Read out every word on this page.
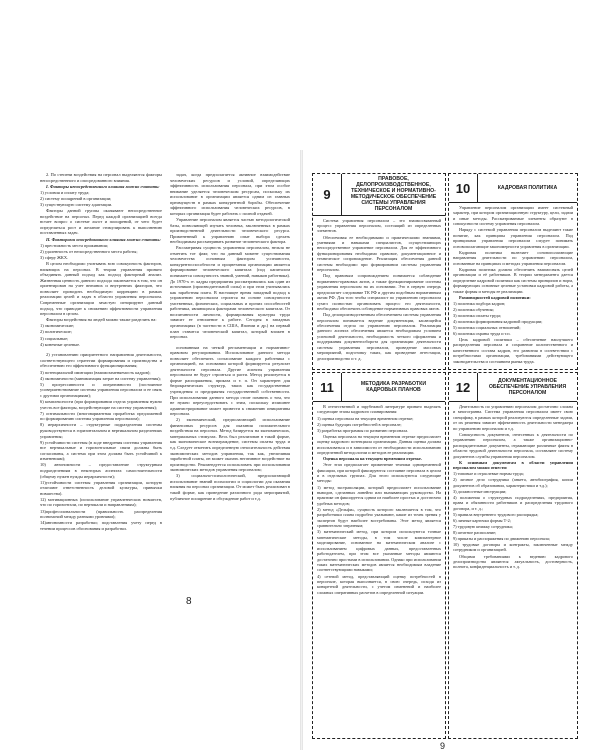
2. По степени воздействия на персонал выделяются факторы непосредственного и опосредованного влияния.

I. Факторы непосредственного влияния можно считать:

1) условия и оплату труда;

2) систему поощрений в организации;

3) существующую систему адаптации.

Факторы данной группы оказывают непосредственное воздействие на персонал. Перед каждой организацией всегда встает вопрос о системе льгот и поощрений, от чего будет определяться рост и желание стимулировать к выполнению поставленных задач.

II. Факторами опосредованного влияния можно считать:

1) престижность места проживания;

2) удаленность от непосредственного места работы;

3) сферу ЖКХ.

В целом необходимо учитывать всю совокупность факторов, влияющих на персонал. В теории управления принято объединять данный подход как подход факторный анализ. Жизненная ценность данного подхода заключается в том, что он ориентирован на учет внешних и внутренних факторов, что позволяет проводить необходимую коррекцию в рамках реализации целей и задач в области управления персоналом. Современные организации зачастую игнорируют данный подход, что приводит к снижению эффективности управления персоналом в целом.

Факторы воздействия на людей можно также разделить на:

1) экономические;

2) политические;

3) социальные;

4) конечные целевые.

2) установлению приоритетного направления деятельности, соответствующего стратегии формирования и производства и обеспечению его эффективного функционирования;

3) потенциальной имитации (взаимозаменяемость кадров);

4) экономичности (минимизация затрат на систему управления);

5) прогрессивности и оперативности (постоянное усовершенствование системы управления персоналом и ее связь с другими организациями);

6) комплексности (при формировании отдела управления нужно учесть все факторы, воздействующие на систему управления);

7) оптимальности (многовариантная проработка предложений по формированию системы управления персоналом);

8) иерархичности – структурные подразделения системы руководствуются в горизонтальном и вертикальном разделениях управления;

9) устойчивости системы (в ходе внедрения системы управления все вертикальные и горизонтальные связи должны быть согласованы, а система при этом должна быть устойчивой к изменениям);

10) автономности – предоставление структурным подразделениям в некоторых аспектах самостоятельности (общему нужен нужды иерархичности);

11)устойчивости системы управления организации, которую отличают ответственность деловой культуры, привычки новшества).

12) мотивационных (использование управленческих новшеств, что по горизонтали, по вертикали и направлениям);

13)профессиональности (правильность распределения полномочий между разными уровнями);

14)автономности разработки; подставления учету перед в течении процессов обоснования и разработки.

задач, когда предполагается активное взаимодействие человеческих ресурсов и условий, определяющих эффективность использования персонала, при этом особое внимание уделяется человеческим ресурсам, поскольку их использование в организации является одним из главных преимуществ в рамках конкурентной борьбы. Обеспечение эффективного использования человеческих ресурсов, в которых организация будет работать с полной отдачей.

Управление персоналом является частью методологической базы, позволяющей изучать человека, заключенных в рамках производственной деятельности человеческого ресурса. Примененный к управлению опыт выбора сделать необходимым рассматривать развитие человеческого фактора.

Рассматривая сущность управления персоналом, нельзя не отметить тот факт, что на данный момент существования человечества основным фактором успешности, конкурентоспособности и процветания организации является формирование человеческого капитала (под капиталом понимается совокупность знаний, умений, навыков работника). До 1970-х гг. кадры предприятия рассматривались как один из источников (производительной силы) и при этом учитывались как заработная плата. В настоящее время западный подход к управлению персоналом строится на основе совокупности умственных, физических, социальных и прочих способностей работника, являющихся факторами человеческого капитала. От воспитанности личности, формирования культуры труда зависит ее отношение к работе. Сегодня в западных организациях (в частности в США, Японии и др.) на первый план ставится человеческий капитал, который вложен в персонал.

основанным на четкой регламентации и нормативно-правовом регулировании. Использование данного метода позволяет обеспечить согласование каждого работника с организацией, на основании которой формируется результат деятельности персонала. Другие аспекты управления персоналом не будут строиться и расти. Метод реализуется в форме распоряжения, приказа и т. п. Он характерен для бюрократических структур, таких как государственные учреждения и предприятия государственной собственности. При использовании данного метода стоит помнить о том, что не нужно переусердствовать с этим, поскольку излишнее администрирование может привести к снижению инициативы персонала.

2) экономический, предполагающий использование финансовых ресурсов для оказания положительного воздействия на персонал. Метод базируется на экономических, материальных стимулах. Весь был реализован в такой форме, как экономическое вознаграждение, системы оплаты труда и т.д. Следует отметить определенную относительность действия экономических методов управления, так как, увеличивая заработной платы, он может оказать негативное воздействие на производство. Рекомендуется использовать при использовании экономических методов управления персоналом;

3) социально-психологический, предполагающий использование знаний психологии и социологии для оказания влияния на персонал организации. От может быть реализован в такой форме, как проведение различного рода мероприятий, публичное поощрение и обсуждение работ и т.д.

8
9
ПРАВОВОЕ, ДЕЛОПРОИЗВОДСТВЕННОЕ, ТЕХНИЧЕСКОЕ И НОРМАТИВНО-МЕТОДИЧЕСКОЕ ОБЕСПЕЧЕНИЕ СИСТЕМЫ УПРАВЛЕНИЯ ПЕРСОНАЛОМ

Система управления персоналом – это взаимосвязанный процесс управления персоналом, состоящий из определенных элементов.

Обеспечивая ее необходимыми и практическими знаниями, умениями и навыками специалистов, осуществляющих непосредственное управление персоналом. Для ее эффективного функционирования необходимо правовое, документационное и техническое сопровождение. Реализация обеспечения данной системы необходимо при формировании системы управления персоналом.

Под правовым сопровождением понимается соблюдение нормативно-правовых актов, а также функционирование системы управления персоналом на их основании. Это в первую очередь предполагает следование ТК РФ и другим подобным нормативным актам РФ. Для того чтобы специалист по управлению персоналом сумел полностью организовать процесс его деятельности, необходимо обеспечить соблюдение нормативных правовых актов.

Под делопроизводственным обеспечением системы управления персоналом понимается ведение документации, касающейся обеспечения отдела по управлению персоналом. Реализация данного аспекта обеспечения является необходимым условием успешной деятельности, необходимость четкого оформления и поддержания документооборота для организации деятельности системы управления персоналом, проведение массовых мероприятий, подготовку таких, как проведение аттестации, делопроизводство и т. д.

10	КАДРОВАЯ ПОЛИТИКА

Управление персоналом организации имеет системный характер, при котором организационную структуру, цели, задачи и иные методы. Рассматриваемые элементы образуют в совокупности систему управления персоналом.

Наряду с системой управления персоналом выделяют такие понятие, как принципы управления персоналом. Под принципами управления персоналом следует понимать основополагающие закономерности управления в организации.

Кадровая политика включает основополагающие направления деятельности по управлению персоналом, основанные на принципах и методах управления персоналом.

Кадровая политика должна обеспечить взаимосвязь целей организации и её работников. В теории менеджмента дается определение кадровой политики как системы принципов и норм, формирующих основные целевые установки кадровой работы, а также формы и методы ее реализации.

Разновидностей кадровой политики:

1) политика подбора кадров;

2) политика обучения;

3) политика оплаты труда;

4) политика формирования кадровой продукции;

5) политика социальных отношений;

6) политика охраны труда и т.п.

Цель кадровой политики – обеспечение наилучшего распределения персонала и сохранение количественного и качественного состава кадров, его развития в соответствии с потребностями организации, требованиями действующего законодательства и состоянием рынка труда.

11	МЕТОДИКА РАЗРАБОТКИ КАДРОВЫХ ПЛАНОВ

В отечественной и зарубежной литературе принято выделять следующие этапы кадрового планирования:

1) оценка персонала на текущем временном отрезке;

2) оценка будущих потребностей в персонале;

3) разработка программы по развитию персонала.

Оценка персонала на текущем временном отрезке предполагает оценку кадрового потенциала организации. Данная оценка должна использоваться и в зависимости от необходимости использованию определенной методологии и методов ее реализации.

Оценка персонала на текущем временном отрезке.

Этот этап предполагает применение техники одновременной фиксации, при которой фиксируются состояние персонала в целом и в отдельных группах. Для этого используются следующие методы:

1) метод экстраполяции, который предполагает использование выводов, сделанных линейно или вызывающих руководство. На практике он фиксируется одним из наиболее простых и достаточно удобных методов;

2) метод «Дельфи», сущность которого заключается в том, что разработчики плана подробно указывают, какие из точек зрения у экспертов будут наиболее востребованы. Этот метод является сравнительно затратным;

3) математический метод, при котором используются точные математические методы, в том числе компьютерное моделирование, основанное на математическом анализе с использованием цифровых данных, предоставленных работодателем, при этом все указанные методы являются достаточно простыми в использовании. Однако при использовании таких математических методов является необходимым владение соответствующими навыками;

4) сетевой метод, представляющий оценку потребностей в персонале, которая выполняется, в свою очередь, исходя из конкретной деятельности, с учетом изменений и наиболее сложных оперативных расчетов в определенной ситуации.

12	ДОКУМЕНТАЦИОННОЕ ОБЕСПЕЧЕНИЕ УПРАВЛЕНИЯ ПЕРСОНАЛОМ

Деятельность по управлению персоналом достаточно сложна и многогранна. Система управления персоналом имеет свою специфику, в рамках которой реализуются определенные задачи, от их решения зависит эффективность деятельности менеджера по управлению персоналом и т.д.

Совокупность документов, отнесенных к деятельности по управлению персоналом, а также организационно-распорядительные документы, отражающие различные факты в области трудовой деятельности персонала, составляют систему документов службы управления персоналом.

К основным документам в области управления персоналом можно отнести:

1) типовые и отраслевые нормы труда;

2) личное дело сотрудника (анкета, автобиография, копии документов об образовании, характеристики и т.д.);

3) должностные инструкции;

4) положения о структурных подразделениях, предприятия, права и обязанности работников и распределения трудового договора, и т. д.;

5) правила внутреннего трудового распорядка;

6) личные карточки формы Т-2;

7) трудовую книжку сотрудника;

8) штатное расписание;

9) приказы и распоряжения по движению персонала;

10) трудовые договоры и контракты, заключенные между сотрудником и организацией.

Общими требованиями к ведению кадрового делопроизводства являются: актуальность, достоверность, полнота, конфиденциальность и т. д.

9
